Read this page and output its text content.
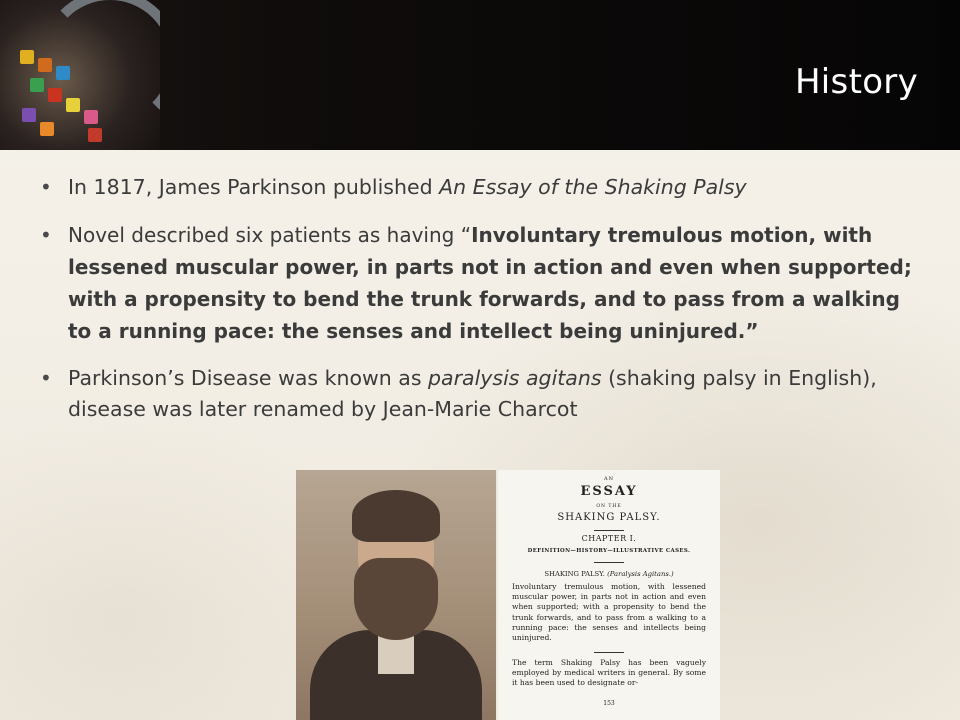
History
• In 1817, James Parkinson published An Essay of the Shaking Palsy
• Novel described six patients as having “Involuntary tremulous motion, with lessened muscular power, in parts not in action and even when supported; with a propensity to bend the trunk forwards, and to pass from a walking to a running pace: the senses and intellect being uninjured.”
• Parkinson’s Disease was known as paralysis agitans (shaking palsy in English), disease was later renamed by Jean-Marie Charcot
AN
ESSAY
ON THE
SHAKING PALSY.
CHAPTER I.
DEFINITION—HISTORY—ILLUSTRATIVE CASES.
SHAKING PALSY. (Paralysis Agitans.)
Involuntary tremulous motion, with lessened muscular power, in parts not in action and even when supported; with a propensity to bend the trunk forwards, and to pass from a walking to a running pace: the senses and intellects being uninjured.
The term Shaking Palsy has been vaguely employed by medical writers in general. By some it has been used to designate or-
153
